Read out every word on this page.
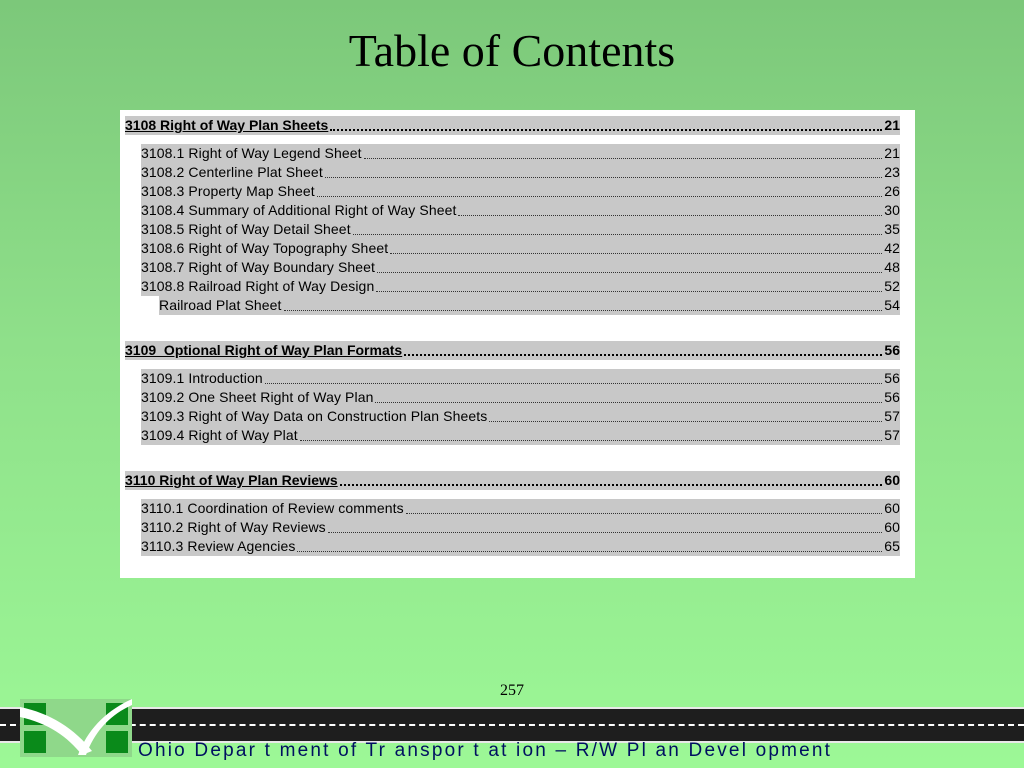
Table of Contents
3108 Right of Way Plan Sheets	21
3108.1 Right of Way Legend Sheet	21
3108.2 Centerline Plat Sheet	23
3108.3 Property Map Sheet	26
3108.4 Summary of Additional Right of Way Sheet	30
3108.5 Right of Way Detail Sheet	35
3108.6 Right of Way Topography Sheet	42
3108.7 Right of Way Boundary Sheet	48
3108.8 Railroad Right of Way Design	52
Railroad Plat Sheet	54
3109  Optional Right of Way Plan Formats	56
3109.1 Introduction	56
3109.2 One Sheet Right of Way Plan	56
3109.3 Right of Way Data on Construction Plan Sheets	57
3109.4 Right of Way Plat	57
3110 Right of Way Plan Reviews	60
3110.1 Coordination of Review comments	60
3110.2 Right of Way Reviews	60
3110.3 Review Agencies	65
257
Ohio Depar t ment of Tr anspor t at ion – R/W Pl an Devel opment
